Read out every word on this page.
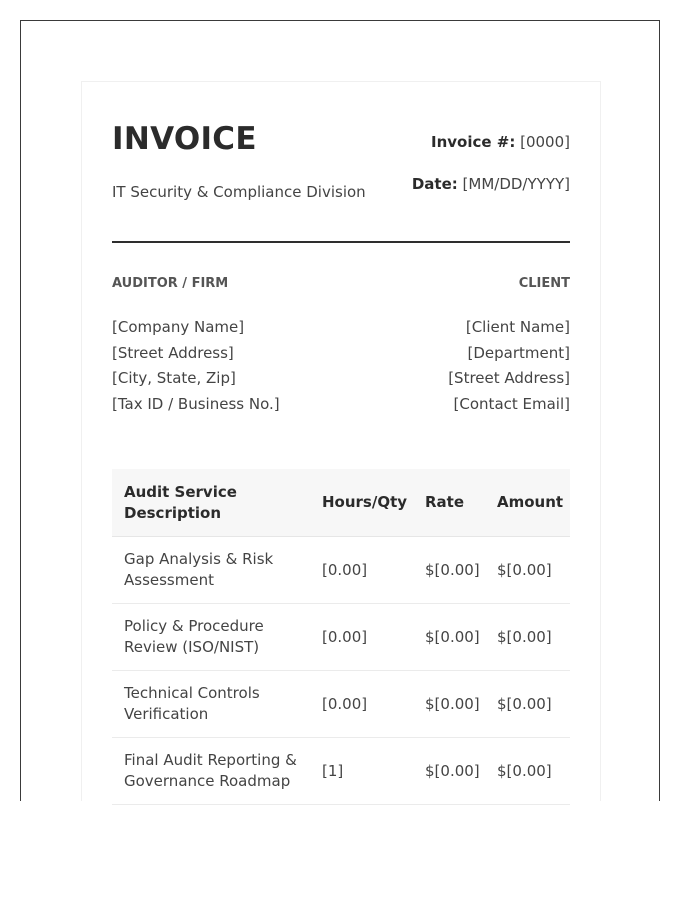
INVOICE
IT Security & Compliance Division
Invoice #: [0000]
Date: [MM/DD/YYYY]
AUDITOR / FIRM	CLIENT
[Company Name]
[Street Address]
[City, State, Zip]
[Tax ID / Business No.]
[Client Name]
[Department]
[Street Address]
[Contact Email]
Audit Service
Description	Hours/Qty	Rate	Amount
Gap Analysis & Risk
Assessment	[0.00]	$[0.00]	$[0.00]
Policy & Procedure
Review (ISO/NIST)	[0.00]	$[0.00]	$[0.00]
Technical Controls
Verification	[0.00]	$[0.00]	$[0.00]
Final Audit Reporting &
Governance Roadmap	[1]	$[0.00]	$[0.00]
